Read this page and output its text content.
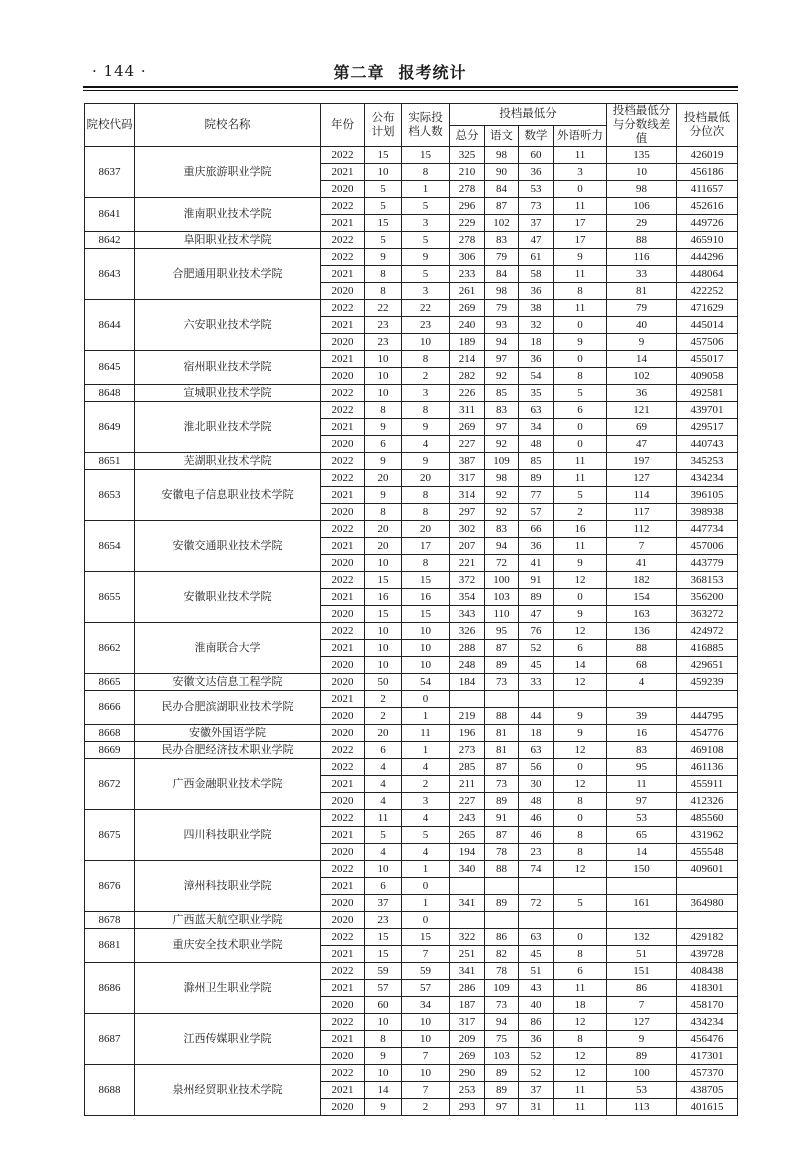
· 144 ·	第二章 报考统计
院校代码	院校名称	年份	公布计划	实际投档人数	投档最低分				投档最低分与分数线差值	投档最低分位次
					总分	语文	数学	外语听力		
8637	重庆旅游职业学院	2022	15	15	325	98	60	11	135	426019
		2021	10	8	210	90	36	3	10	456186
		2020	5	1	278	84	53	0	98	411657
8641	淮南职业技术学院	2022	5	5	296	87	73	11	106	452616
		2021	15	3	229	102	37	17	29	449726
8642	阜阳职业技术学院	2022	5	5	278	83	47	17	88	465910
8643	合肥通用职业技术学院	2022	9	9	306	79	61	9	116	444296
		2021	8	5	233	84	58	11	33	448064
		2020	8	3	261	98	36	8	81	422252
8644	六安职业技术学院	2022	22	22	269	79	38	11	79	471629
		2021	23	23	240	93	32	0	40	445014
		2020	23	10	189	94	18	9	9	457506
8645	宿州职业技术学院	2021	10	8	214	97	36	0	14	455017
		2020	10	2	282	92	54	8	102	409058
8648	宣城职业技术学院	2022	10	3	226	85	35	5	36	492581
8649	淮北职业技术学院	2022	8	8	311	83	63	6	121	439701
		2021	9	9	269	97	34	0	69	429517
		2020	6	4	227	92	48	0	47	440743
8651	芜湖职业技术学院	2022	9	9	387	109	85	11	197	345253
8653	安徽电子信息职业技术学院	2022	20	20	317	98	89	11	127	434234
		2021	9	8	314	92	77	5	114	396105
		2020	8	8	297	92	57	2	117	398938
8654	安徽交通职业技术学院	2022	20	20	302	83	66	16	112	447734
		2021	20	17	207	94	36	11	7	457006
		2020	10	8	221	72	41	9	41	443779
8655	安徽职业技术学院	2022	15	15	372	100	91	12	182	368153
		2021	16	16	354	103	89	0	154	356200
		2020	15	15	343	110	47	9	163	363272
8662	淮南联合大学	2022	10	10	326	95	76	12	136	424972
		2021	10	10	288	87	52	6	88	416885
		2020	10	10	248	89	45	14	68	429651
8665	安徽文达信息工程学院	2020	50	54	184	73	33	12	4	459239
8666	民办合肥滨湖职业技术学院	2021	2	0						
		2020	2	1	219	88	44	9	39	444795
8668	安徽外国语学院	2020	20	11	196	81	18	9	16	454776
8669	民办合肥经济技术职业学院	2022	6	1	273	81	63	12	83	469108
8672	广西金融职业技术学院	2022	4	4	285	87	56	0	95	461136
		2021	4	2	211	73	30	12	11	455911
		2020	4	3	227	89	48	8	97	412326
8675	四川科技职业学院	2022	11	4	243	91	46	0	53	485560
		2021	5	5	265	87	46	8	65	431962
		2020	4	4	194	78	23	8	14	455548
8676	漳州科技职业学院	2022	10	1	340	88	74	12	150	409601
		2021	6	0						
		2020	37	1	341	89	72	5	161	364980
8678	广西蓝天航空职业学院	2020	23	0						
8681	重庆安全技术职业学院	2022	15	15	322	86	63	0	132	429182
		2021	15	7	251	82	45	8	51	439728
8686	滁州卫生职业学院	2022	59	59	341	78	51	6	151	408438
		2021	57	57	286	109	43	11	86	418301
		2020	60	34	187	73	40	18	7	458170
8687	江西传媒职业学院	2022	10	10	317	94	86	12	127	434234
		2021	8	10	209	75	36	8	9	456476
		2020	9	7	269	103	52	12	89	417301
8688	泉州经贸职业技术学院	2022	10	10	290	89	52	12	100	457370
		2021	14	7	253	89	37	11	53	438705
		2020	9	2	293	97	31	11	113	401615
